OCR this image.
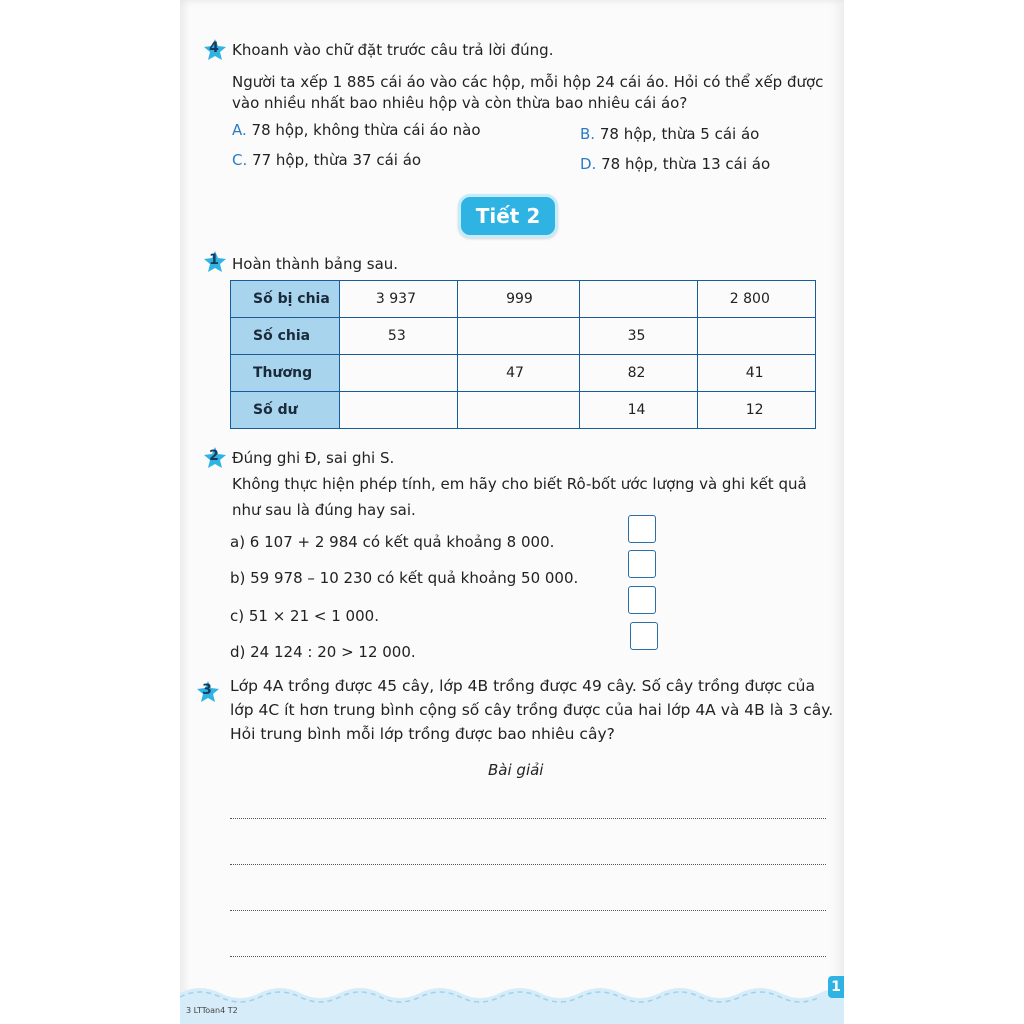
4 Khoanh vào chữ đặt trước câu trả lời đúng.
Người ta xếp 1 885 cái áo vào các hộp, mỗi hộp 24 cái áo. Hỏi có thể xếp được
vào nhiều nhất bao nhiêu hộp và còn thừa bao nhiêu cái áo?
A. 78 hộp, không thừa cái áo nào	B. 78 hộp, thừa 5 cái áo
C. 77 hộp, thừa 37 cái áo	D. 78 hộp, thừa 13 cái áo
Tiết 2
1 Hoàn thành bảng sau.
Số bị chia	3 937	999		2 800
Số chia	53		35	
Thương		47	82	41
Số dư			14	12
2 Đúng ghi Đ, sai ghi S.
Không thực hiện phép tính, em hãy cho biết Rô-bốt ước lượng và ghi kết quả
như sau là đúng hay sai.
a) 6 107 + 2 984 có kết quả khoảng 8 000.
b) 59 978 – 10 230 có kết quả khoảng 50 000.
c) 51 × 21 < 1 000.
d) 24 124 : 20 > 12 000.
3	Lớp 4A trồng được 45 cây, lớp 4B trồng được 49 cây. Số cây trồng được của
lớp 4C ít hơn trung bình cộng số cây trồng được của hai lớp 4A và 4B là 3 cây.
Hỏi trung bình mỗi lớp trồng được bao nhiêu cây?
Bài giải
3 LTToan4 T2
1
